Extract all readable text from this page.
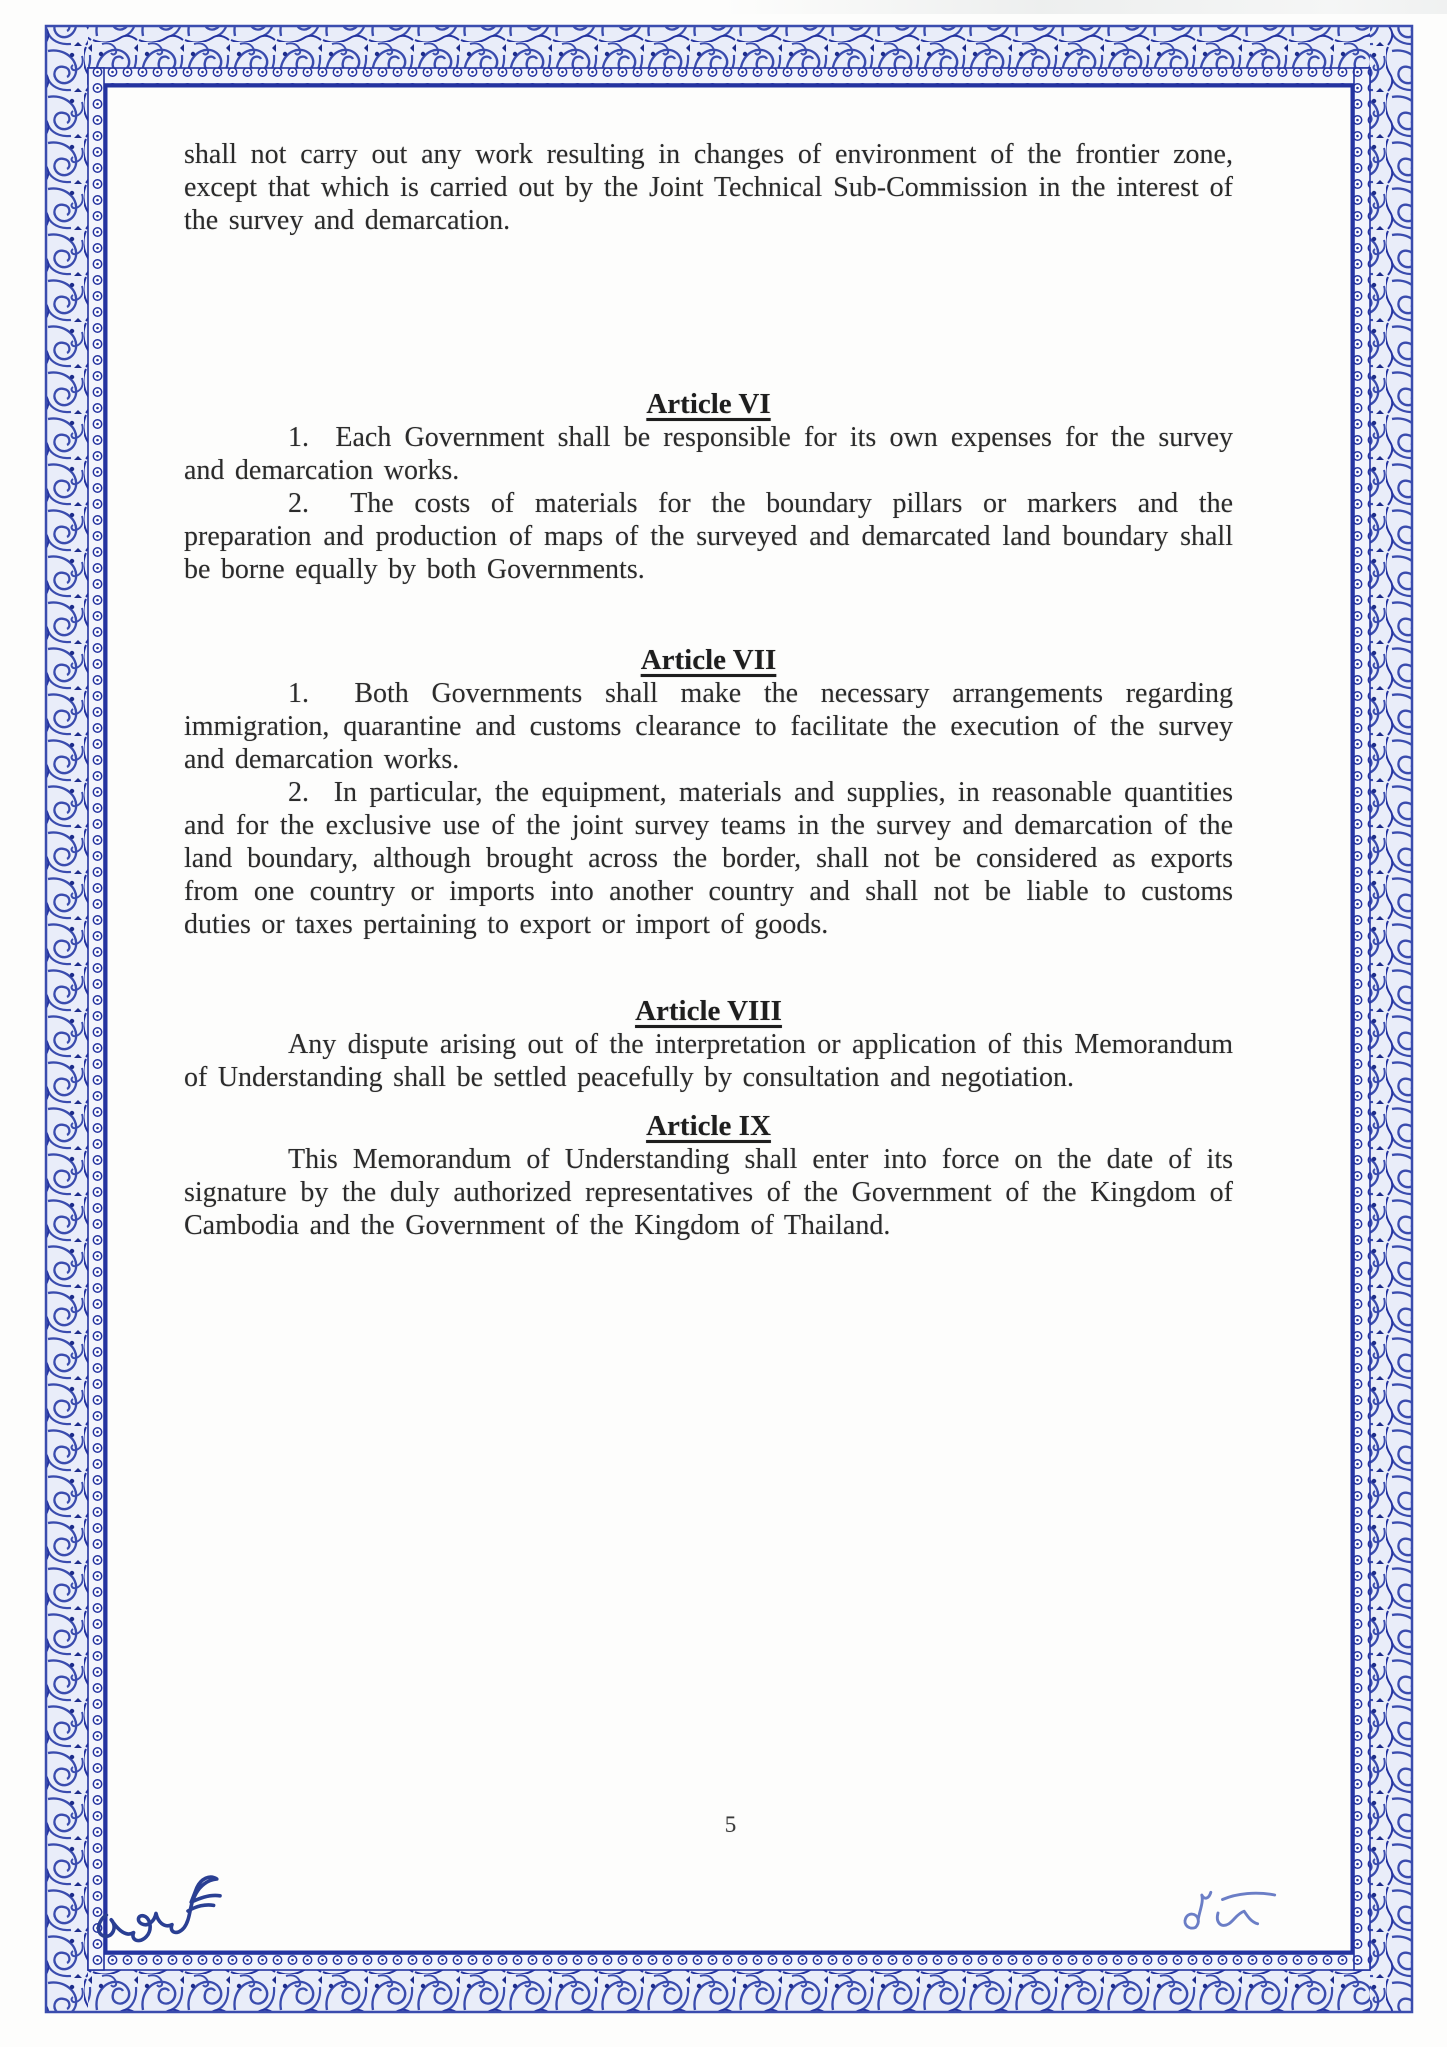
shall not carry out any work resulting in changes of environment of the frontier zone, except that which is carried out by the Joint Technical Sub-Commission in the interest of the survey and demarcation.

Article VI

1.  Each Government shall be responsible for its own expenses for the survey and demarcation works.

2.  The costs of materials for the boundary pillars or markers and the preparation and production of maps of the surveyed and demarcated land boundary shall be borne equally by both Governments.

Article VII

1.  Both Governments shall make the necessary arrangements regarding immigration, quarantine and customs clearance to facilitate the execution of the survey and demarcation works.

2.  In particular, the equipment, materials and supplies, in reasonable quantities and for the exclusive use of the joint survey teams in the survey and demarcation of the land boundary, although brought across the border, shall not be considered as exports from one country or imports into another country and shall not be liable to customs duties or taxes pertaining to export or import of goods.

Article VIII

Any dispute arising out of the interpretation or application of this Memorandum of Understanding shall be settled peacefully by consultation and negotiation.

Article IX

This Memorandum of Understanding shall enter into force on the date of its signature by the duly authorized representatives of the Government of the Kingdom of Cambodia and the Government of the Kingdom of Thailand.

5
